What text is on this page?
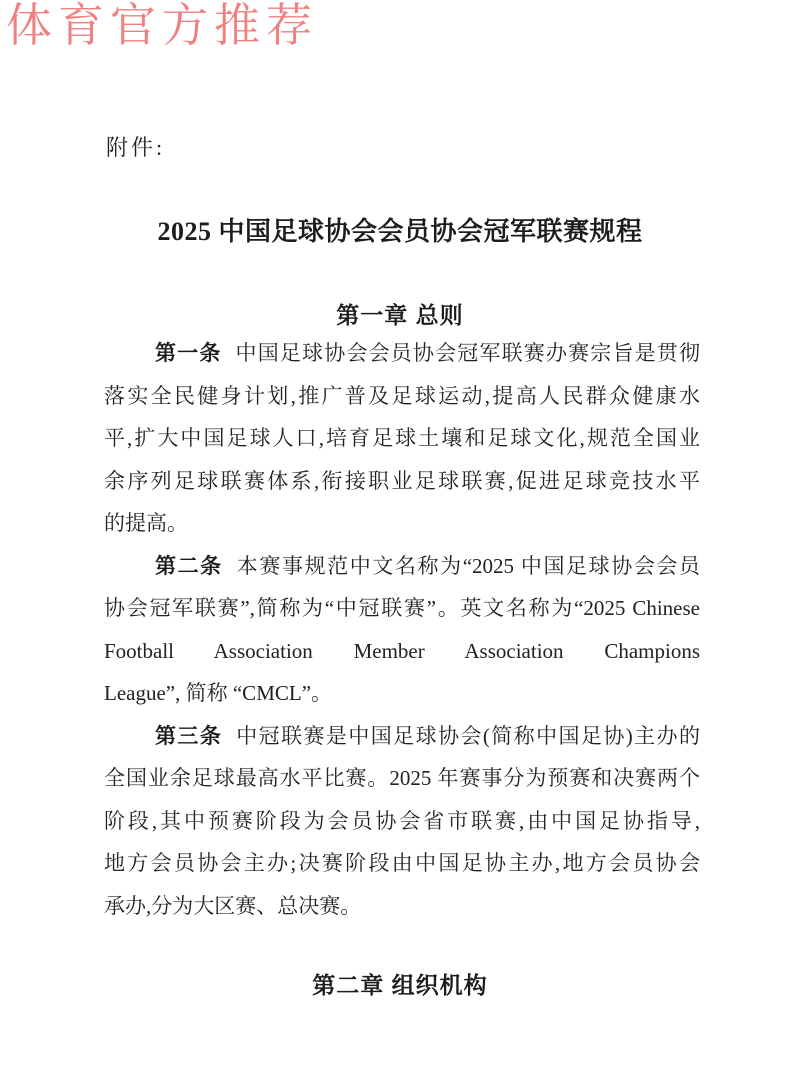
体育官方推荐
附件:
2025 中国足球协会会员协会冠军联赛规程
第一章 总则
第一条 中国足球协会会员协会冠军联赛办赛宗旨是贯彻
落实全民健身计划,推广普及足球运动,提高人民群众健康水
平,扩大中国足球人口,培育足球土壤和足球文化,规范全国业
余序列足球联赛体系,衔接职业足球联赛,促进足球竞技水平
的提高。
第二条 本赛事规范中文名称为“2025 中国足球协会会员
协会冠军联赛”,简称为“中冠联赛”。英文名称为“2025 Chinese
Football Association Member Association Champions
League”, 简称 “CMCL”。
第三条 中冠联赛是中国足球协会(简称中国足协)主办的
全国业余足球最高水平比赛。2025 年赛事分为预赛和决赛两个
阶段,其中预赛阶段为会员协会省市联赛,由中国足协指导,
地方会员协会主办;决赛阶段由中国足协主办,地方会员协会
承办,分为大区赛、总决赛。
第二章 组织机构
